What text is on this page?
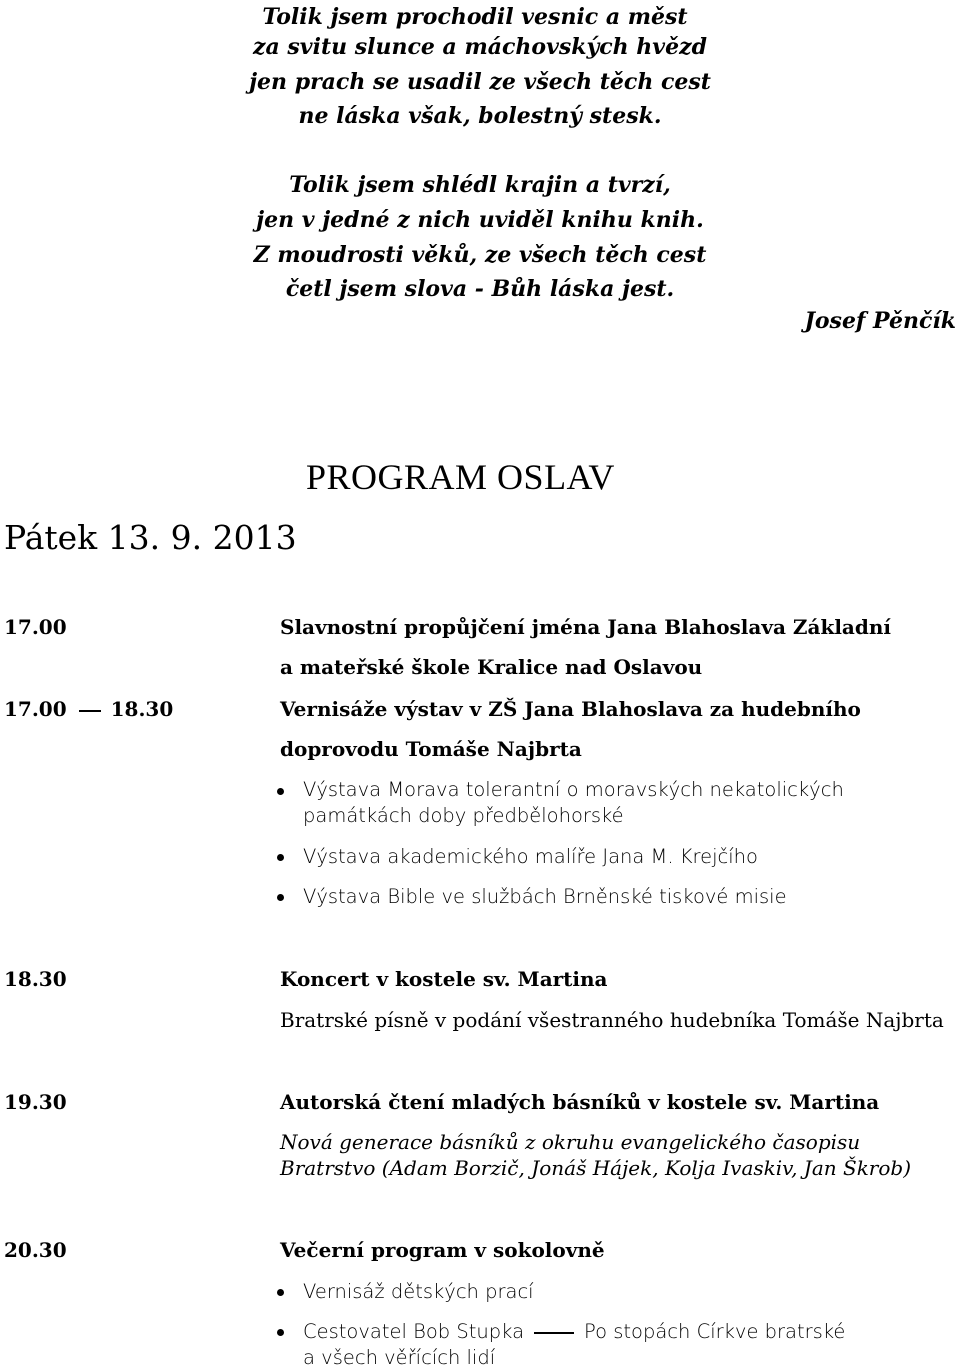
Tolik jsem prochodil vesnic a měst
za svitu slunce a máchovských hvězd
jen prach se usadil ze všech těch cest
ne láska však, bolestný stesk.
Tolik jsem shlédl krajin a tvrzí,
jen v jedné z nich uviděl knihu knih.
Z moudrosti věků, ze všech těch cest
četl jsem slova - Bůh láska jest.
Josef Pěnčík
PROGRAM OSLAV
Pátek 13. 9. 2013
17.00	Slavnostní propůjčení jména Jana Blahoslava Základní
a mateřské škole Kralice nad Oslavou
17.00 18.30	Vernisáže výstav v ZŠ Jana Blahoslava za hudebního
doprovodu Tomáše Najbrta
Výstava Morava tolerantní o moravských nekatolických
památkách doby předbělohorské
Výstava akademického malíře Jana M. Krejčího
Výstava Bible ve službách Brněnské tiskové misie
18.30	Koncert v kostele sv. Martina
Bratrské písně v podání všestranného hudebníka Tomáše Najbrta
19.30	Autorská čtení mladých básníků v kostele sv. Martina
Nová generace básníků z okruhu evangelického časopisu
Bratrstvo (Adam Borzič, Jonáš Hájek, Kolja Ivaskiv, Jan Škrob)
20.30	Večerní program v sokolovně
Vernisáž dětských prací
Cestovatel Bob Stupka	Po stopách Církve bratrské
a všech věřících lidí
